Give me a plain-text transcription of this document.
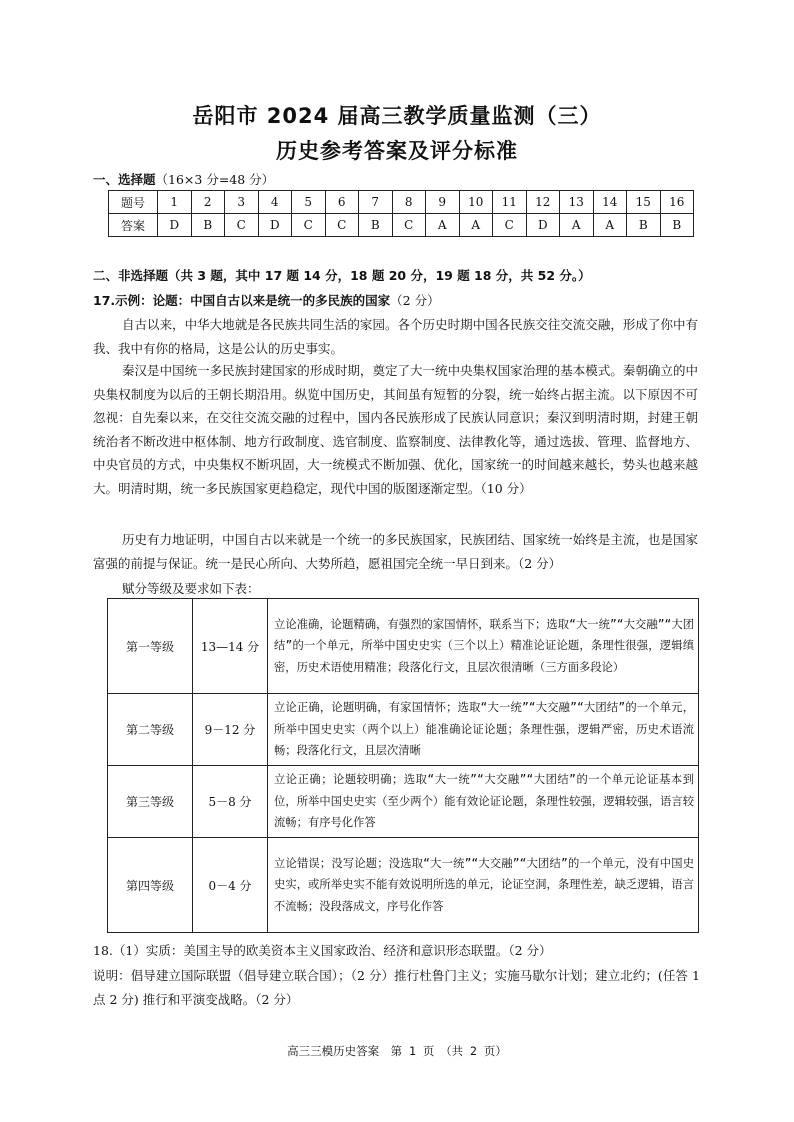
岳阳市 2024 届高三教学质量监测（三）
历史参考答案及评分标准
一、选择题（16×3 分=48 分）
题号	1	2	3	4	5	6	7	8	9	10	11	12	13	14	15	16
答案	D	B	C	D	C	C	B	C	A	A	C	D	A	A	B	B
二、非选择题（共 3 题，其中 17 题 14 分，18 题 20 分，19 题 18 分，共 52 分。）
17.示例：论题：中国自古以来是统一的多民族的国家（2 分）

自古以来，中华大地就是各民族共同生活的家园。各个历史时期中国各民族交往交流交融，形成了你中有我、我中有你的格局，这是公认的历史事实。

秦汉是中国统一多民族封建国家的形成时期，奠定了大一统中央集权国家治理的基本模式。秦朝确立的中央集权制度为以后的王朝长期沿用。纵览中国历史，其间虽有短暂的分裂，统一始终占据主流。以下原因不可忽视：自先秦以来，在交往交流交融的过程中，国内各民族形成了民族认同意识；秦汉到明清时期，封建王朝统治者不断改进中枢体制、地方行政制度、选官制度、监察制度、法律教化等，通过选拔、管理、监督地方、中央官员的方式，中央集权不断巩固，大一统模式不断加强、优化，国家统一的时间越来越长，势头也越来越大。明清时期，统一多民族国家更趋稳定，现代中国的版图逐渐定型。（10 分）

历史有力地证明，中国自古以来就是一个统一的多民族国家，民族团结、国家统一始终是主流，也是国家富强的前提与保证。统一是民心所向、大势所趋，愿祖国完全统一早日到来。（2 分）

赋分等级及要求如下表：
第一等级	13—14 分	立论准确，论题精确，有强烈的家国情怀，联系当下；选取“大一统”“大交融”“大团结”的一个单元，所举中国史史实（三个以上）精准论证论题，条理性很强，逻辑缜密，历史术语使用精准；段落化行文，且层次很清晰（三方面多段论）
第二等级	9－12 分	立论正确，论题明确，有家国情怀；选取“大一统”“大交融”“大团结”的一个单元，所举中国史史实（两个以上）能准确论证论题；条理性强，逻辑严密，历史术语流畅；段落化行文，且层次清晰
第三等级	5－8 分	立论正确；论题较明确；选取“大一统”“大交融”“大团结”的一个单元论证基本到位，所举中国史史实（至少两个）能有效论证论题，条理性较强，逻辑较强，语言较流畅；有序号化作答
第四等级	0－4 分	立论错误；没写论题；没选取“大一统”“大交融”“大团结”的一个单元，没有中国史史实，或所举史实不能有效说明所选的单元，论证空洞，条理性差，缺乏逻辑，语言不流畅；没段落成文，序号化作答
18.（1）实质：美国主导的欧美资本主义国家政治、经济和意识形态联盟。（2 分）

说明：倡导建立国际联盟（倡导建立联合国）；（2 分）推行杜鲁门主义；实施马歇尔计划；建立北约；(任答 1 点 2 分) 推行和平演变战略。（2 分）

高三三模历史答案　第 1 页　（共 2 页）
